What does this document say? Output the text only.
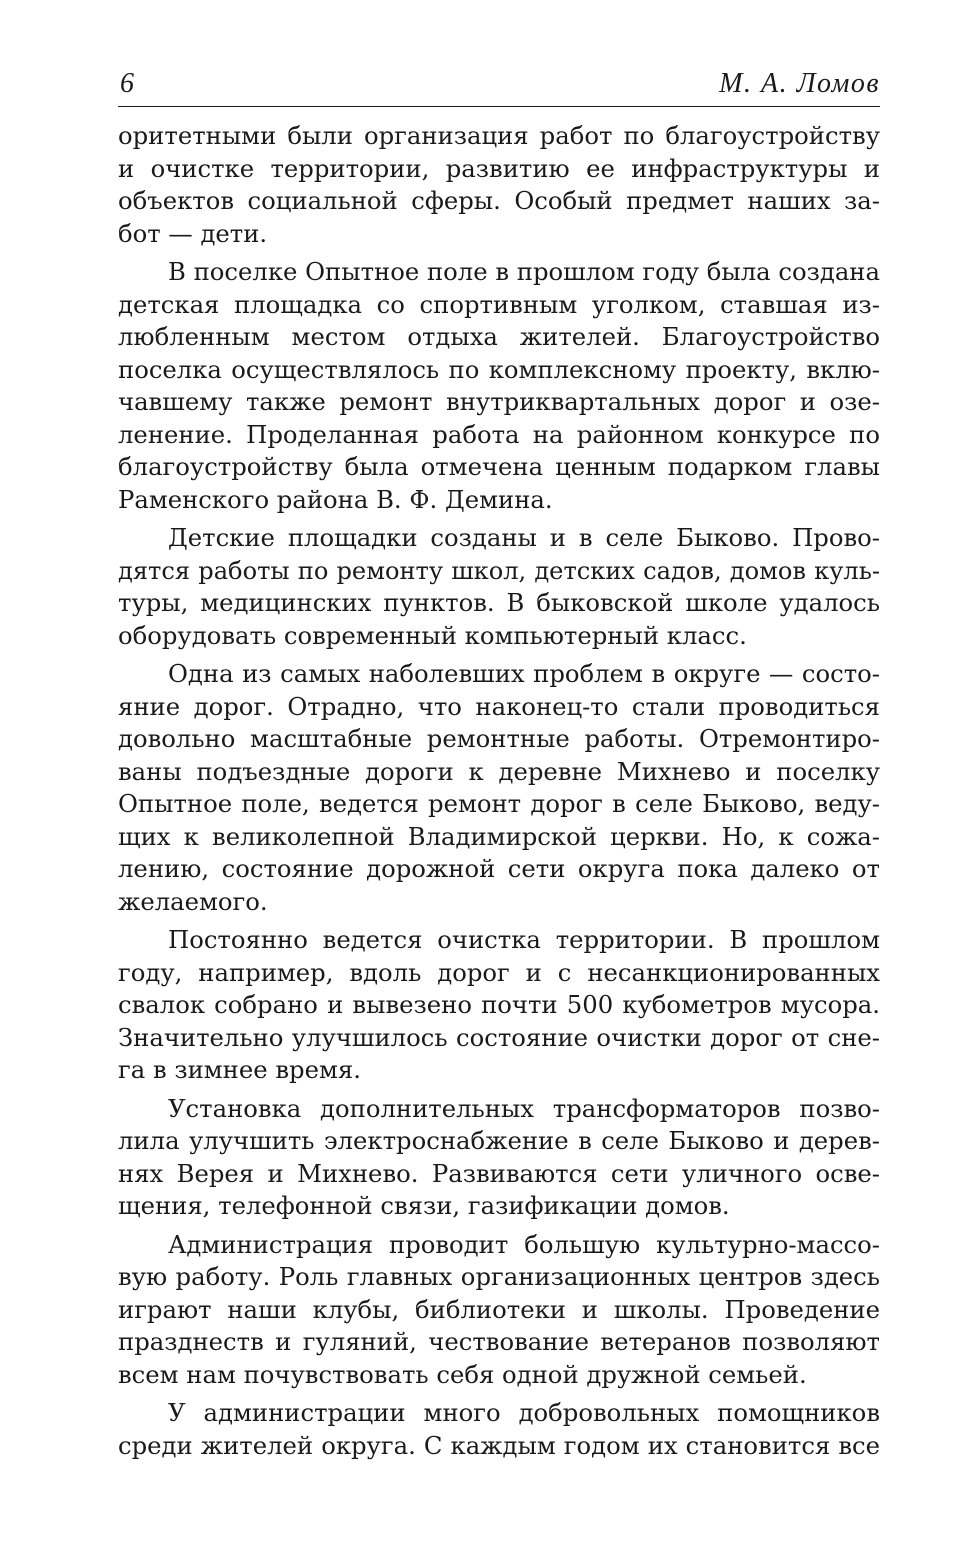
6	М. А. Ломов
оритетными были организация работ по благоустройству
и очистке территории, развитию ее инфраструктуры и
объектов социальной сферы. Особый предмет наших за-
бот — дети.
В поселке Опытное поле в прошлом году была создана
детская площадка со спортивным уголком, ставшая из-
любленным местом отдыха жителей. Благоустройство
поселка осуществлялось по комплексному проекту, вклю-
чавшему также ремонт внутриквартальных дорог и озе-
ленение. Проделанная работа на районном конкурсе по
благоустройству была отмечена ценным подарком главы
Раменского района В. Ф. Демина.
Детские площадки созданы и в селе Быково. Прово-
дятся работы по ремонту школ, детских садов, домов куль-
туры, медицинских пунктов. В быковской школе удалось
оборудовать современный компьютерный класс.
Одна из самых наболевших проблем в округе — состо-
яние дорог. Отрадно, что наконец-то стали проводиться
довольно масштабные ремонтные работы. Отремонтиро-
ваны подъездные дороги к деревне Михнево и поселку
Опытное поле, ведется ремонт дорог в селе Быково, веду-
щих к великолепной Владимирской церкви. Но, к сожа-
лению, состояние дорожной сети округа пока далеко от
желаемого.
Постоянно ведется очистка территории. В прошлом
году, например, вдоль дорог и с несанкционированных
свалок собрано и вывезено почти 500 кубометров мусора.
Значительно улучшилось состояние очистки дорог от сне-
га в зимнее время.
Установка дополнительных трансформаторов позво-
лила улучшить электроснабжение в селе Быково и дерев-
нях Верея и Михнево. Развиваются сети уличного осве-
щения, телефонной связи, газификации домов.
Администрация проводит большую культурно-массо-
вую работу. Роль главных организационных центров здесь
играют наши клубы, библиотеки и школы. Проведение
празднеств и гуляний, чествование ветеранов позволяют
всем нам почувствовать себя одной дружной семьей.
У администрации много добровольных помощников
среди жителей округа. С каждым годом их становится все
